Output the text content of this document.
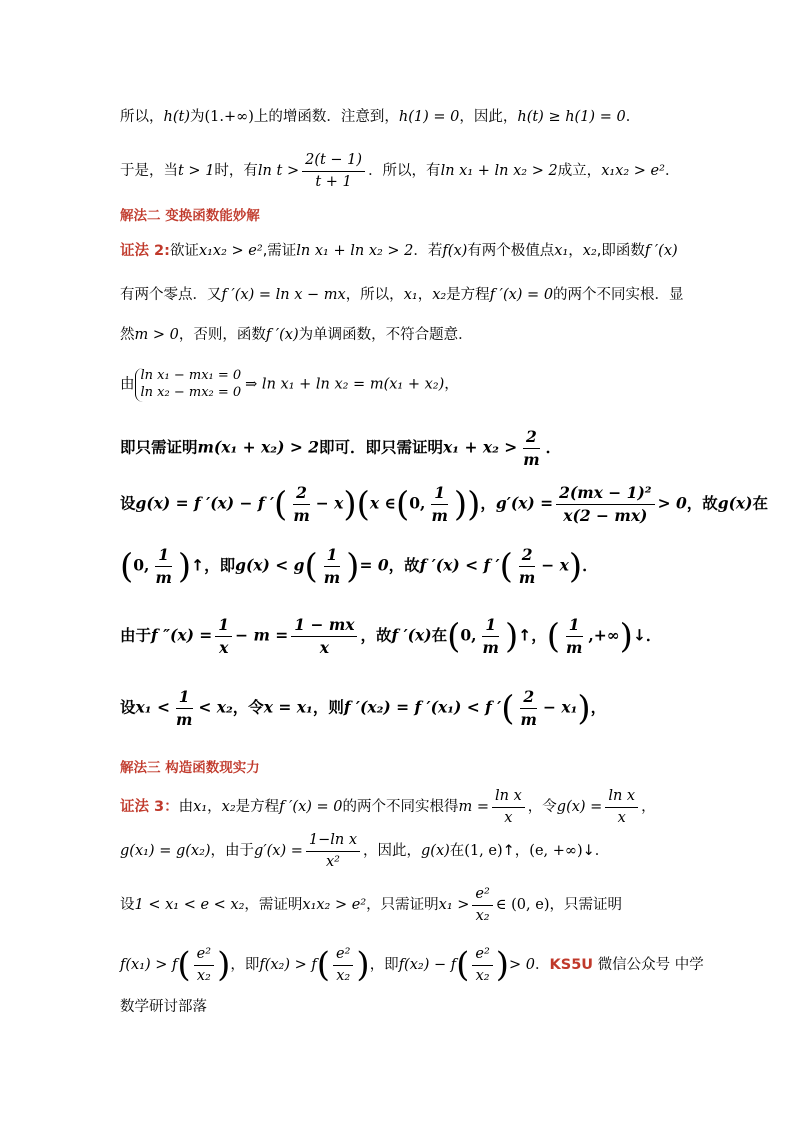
所以，h(t)为(1.+∞)上的增函数．注意到，h(1) = 0，因此，h(t) ≥ h(1) = 0．
于是，当t > 1时，有$\ln t > \frac{2(t - 1)}{t + 1}$ ．所以，有ln x₁ + ln x₂ > 2成立，x₁x₂ > e²．
解法二 变换函数能妙解
证法 2:欲证x₁x₂ > e²,需证ln x₁ + ln x₂ > 2．若f(x)有两个极值点x₁，x₂,即函数f ′(x)
有两个零点．又f ′(x) = ln x − mx，所以，x₁，x₂是方程f ′(x) = 0的两个不同实根．显
然m > 0，否则，函数f ′(x)为单调函数，不符合题意．
由
ln x₁ − mx₁ = 0
ln x₂ − mx₂ = 0 ⇒ ln x₁ + ln x₂ = m(x₁ + x₂)，
即只需证明m(x₁ + x₂) > 2即可．即只需证明$x_1 + x_2 > \frac{2}{m}$ ．
设g(x) = f ′(x) − f ′( $\frac{2}{m} - x)(x$ ∈(0, $\frac{1}{m}$ ))，$g'(x) = \frac{\text{2(mx − 1)²}}{x(2 - mx)} > 0$，故g(x)在
(0, $\frac{1}{m}$ )↑，即$g(x) < g( \frac{1}{m}$ )= 0，故f ′(x) < f ′( $\frac{2}{m} - x$)．
由于f $''(x) = \frac{1}{x} - m = \frac{1 - mx}{x}$ ，故f ′(x)在(0, $\frac{1}{m}$ )↑，( $\frac{1}{m}$ ,+∞)↓．
设$x_1 < \frac{1}{m} < x_2$，令x = x₁，则f ′(x₂) = f ′(x₁) < f ′( $\frac{2}{m} - x_1$)，
解法三 构造函数现实力
证法 3：由x₁，x₂是方程f ′(x) = 0的两个不同实根得$m = \frac{\text{ln x}}{x}$ ，令$g(x) = \frac{\text{ln x}}{x}$ ，
g(x₁) = g(x₂)，由于$g'(x) = \frac{\text{1−ln x}}{\text{x²}}$ ，因此，g(x)在(1, e)↑，(e, +∞)↓．
设1 < x₁ < e < x₂，需证明x₁x₂ > e²，只需证明$x_1 > \frac{\text{e²}}{\text{x₂}}$ ∈ (0, e)，只需证明
$f(x_1) > f( \frac{\text{e²}}{\text{x₂}}$ )，即$f(x_2) > f( \frac{\text{e²}}{\text{x₂}}$ )，即$f(x_2) - f( \frac{\text{e²}}{\text{x₂}}$ )> 0．KS5U 微信公众号 中学
数学研讨部落
